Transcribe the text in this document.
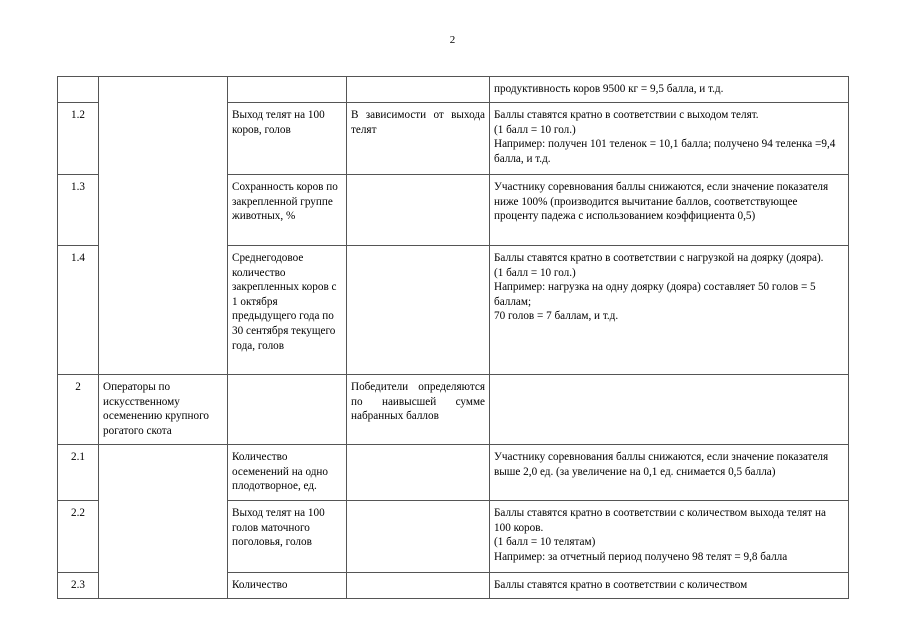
2

				продуктивность коров 9500 кг = 9,5 балла, и т.д.

1.2		Выход телят на 100 коров, голов	В зависимости от выхода телят	Баллы ставятся кратно в соответствии с выходом телят.
(1 балл = 10 гол.)
Например: получен 101 теленок = 10,1 балла; получено 94 теленка =9,4 балла, и т.д.

1.3		Сохранность коров по закрепленной группе животных, %		Участнику соревнования баллы снижаются, если значение показателя ниже 100% (производится вычитание баллов, соответствующее проценту падежа с использованием коэффициента 0,5)

1.4		Среднегодовое количество закрепленных коров с 1 октября предыдущего года по 30 сентября текущего года, голов		Баллы ставятся кратно в соответствии с нагрузкой на доярку (дояра).
(1 балл = 10 гол.)
Например: нагрузка на одну доярку (дояра) составляет 50 голов = 5 баллам;
70 голов = 7 баллам, и т.д.

2	Операторы по искусственному осеменению крупного рогатого скота		Победители определяются по наивысшей сумме набранных баллов	
2.1		Количество осеменений на одно плодотворное, ед.		Участнику соревнования баллы снижаются, если значение показателя выше 2,0 ед. (за увеличение на 0,1 ед. снимается 0,5 балла)

2.2		Выход телят на 100 голов маточного поголовья, голов		Баллы ставятся кратно в соответствии с количеством выхода телят на 100 коров.
(1 балл = 10 телятам)
Например: за отчетный период получено 98 телят = 9,8 балла

2.3		Количество		Баллы ставятся кратно в соответствии с количеством
